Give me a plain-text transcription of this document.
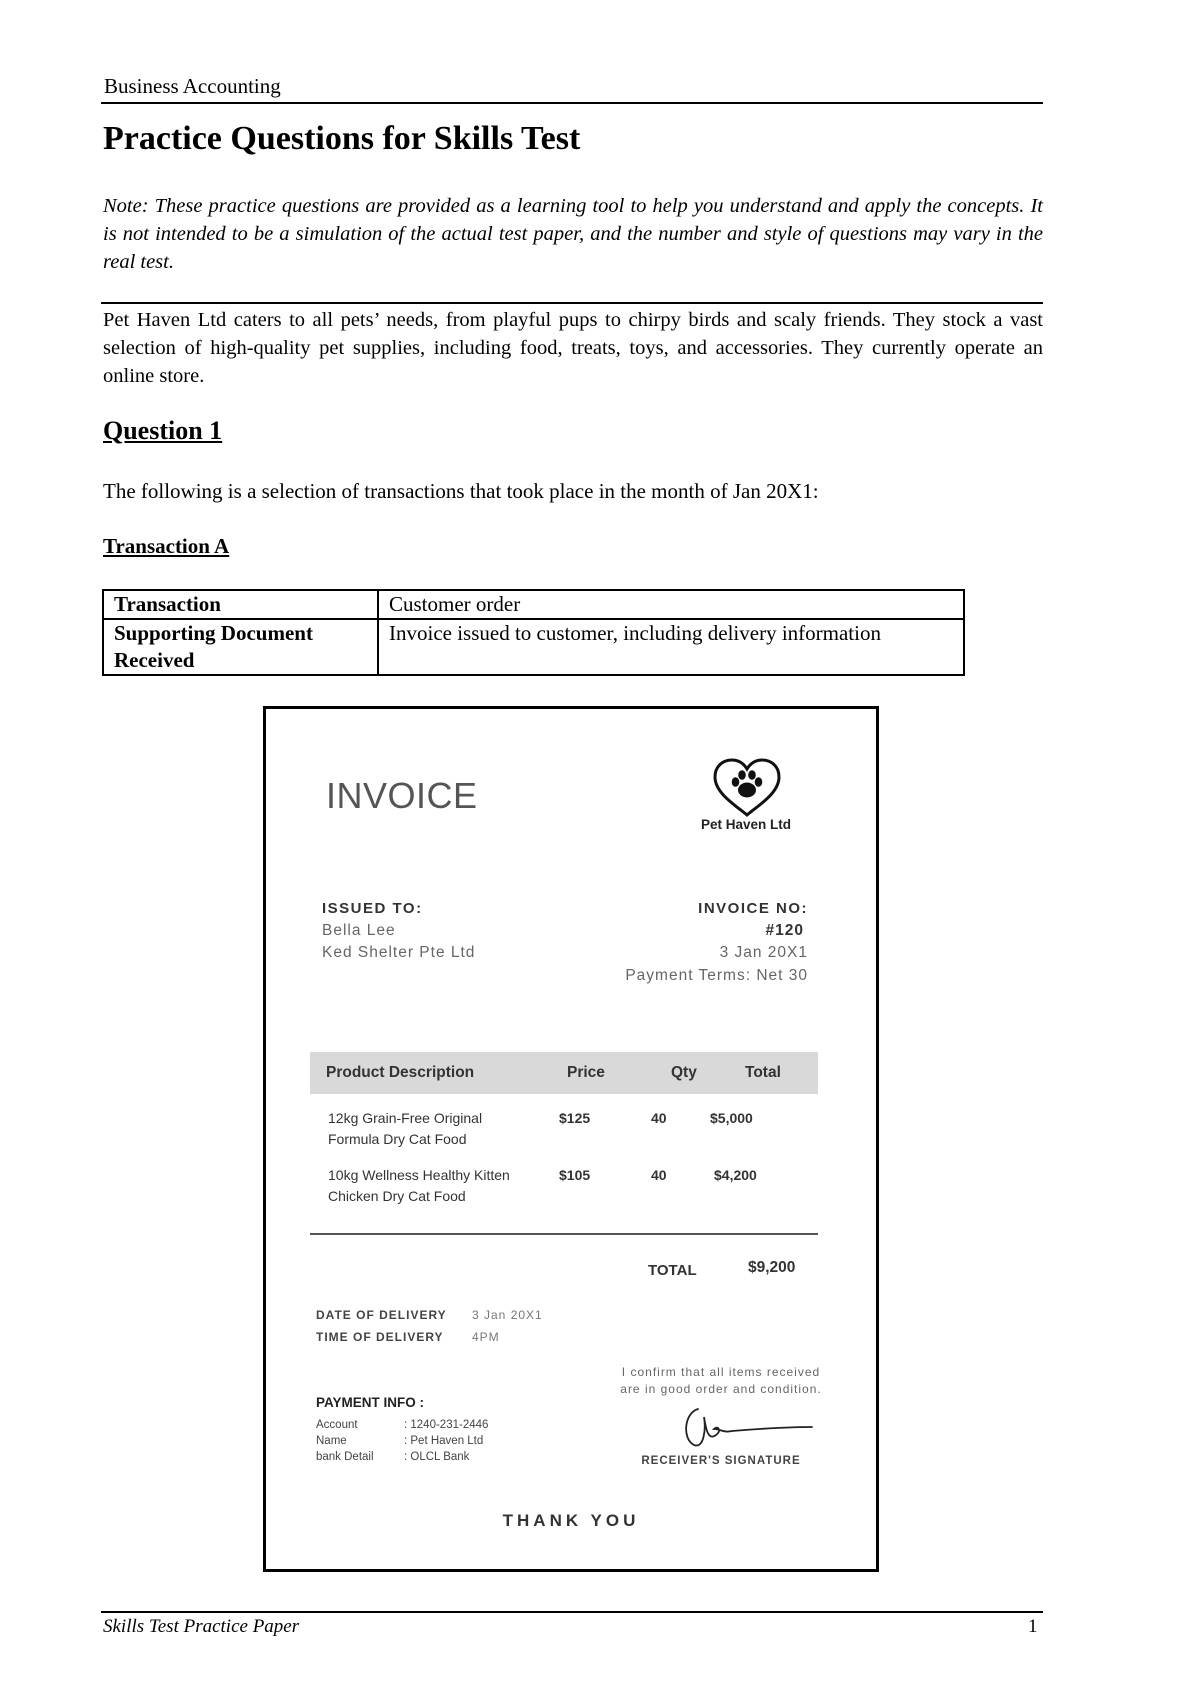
Business Accounting
Practice Questions for Skills Test

Note: These practice questions are provided as a learning tool to help you understand and apply the concepts. It is not intended to be a simulation of the actual test paper, and the number and style of questions may vary in the real test.

Pet Haven Ltd caters to all pets’ needs, from playful pups to chirpy birds and scaly friends. They stock a vast selection of high-quality pet supplies, including food, treats, toys, and accessories. They currently operate an online store.

Question 1

The following is a selection of transactions that took place in the month of Jan 20X1:

Transaction A
Transaction	Customer order
Supporting Document Received	Invoice issued to customer, including delivery information
INVOICE
Pet Haven Ltd
ISSUED TO:
Bella Lee
Ked Shelter Pte Ltd
INVOICE NO:
#120
3 Jan 20X1
Payment Terms: Net 30
Product Description	Price	Qty	Total
12kg Grain-Free Original
Formula Dry Cat Food
$125	40	$5,000
10kg Wellness Healthy Kitten
Chicken Dry Cat Food
$105	40	$4,200
TOTAL	$9,200
DATE OF DELIVERY 3 Jan 20X1
TIME OF DELIVERY 4PM
I confirm that all items received
are in good order and condition.
RECEIVER'S SIGNATURE
PAYMENT INFO :
Account	: 1240-231-2446
Name	: Pet Haven Ltd
bank Detail	: OLCL Bank
THANK YOU
Skills Test Practice Paper	1
